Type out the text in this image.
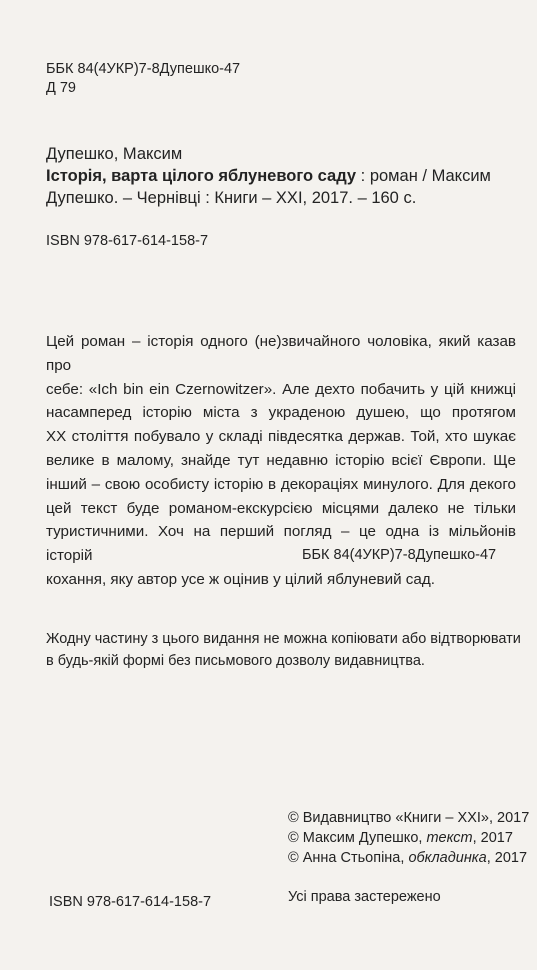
ББК 84(4УКР)7-8Дупешко-47
Д 79
Дупешко, Максим
Історія, варта цілого яблуневого саду : роман / Максим
Дупешко. – Чернівці : Книги – ХХІ, 2017. – 160 с.
ISBN 978-617-614-158-7
Цей роман – історія одного (не)звичайного чоловіка, який казав про
себе: «Ich bin ein Czernowitzer». Але дехто побачить у цій книжці
насамперед історію міста з украденою душею, що протягом
ХХ століття побувало у складі півдесятка держав. Той, хто шукає
велике в малому, знайде тут недавню історію всієї Європи. Ще
інший – свою особисту історію в декораціях минулого. Для декого
цей текст буде романом-екскурсією місцями далеко не тільки
туристичними. Хоч на перший погляд – це одна із мільйонів історій
кохання, яку автор усе ж оцінив у цілий яблуневий сад.
ББК 84(4УКР)7-8Дупешко-47
Жодну частину з цього видання не можна копіювати або відтворювати
в будь-якій формі без письмового дозволу видавництва.
© Видавництво «Книги – ХХІ», 2017
© Максим Дупешко, текст, 2017
© Анна Стьопіна, обкладинка, 2017
ISBN 978-617-614-158-7	Усі права застережено
